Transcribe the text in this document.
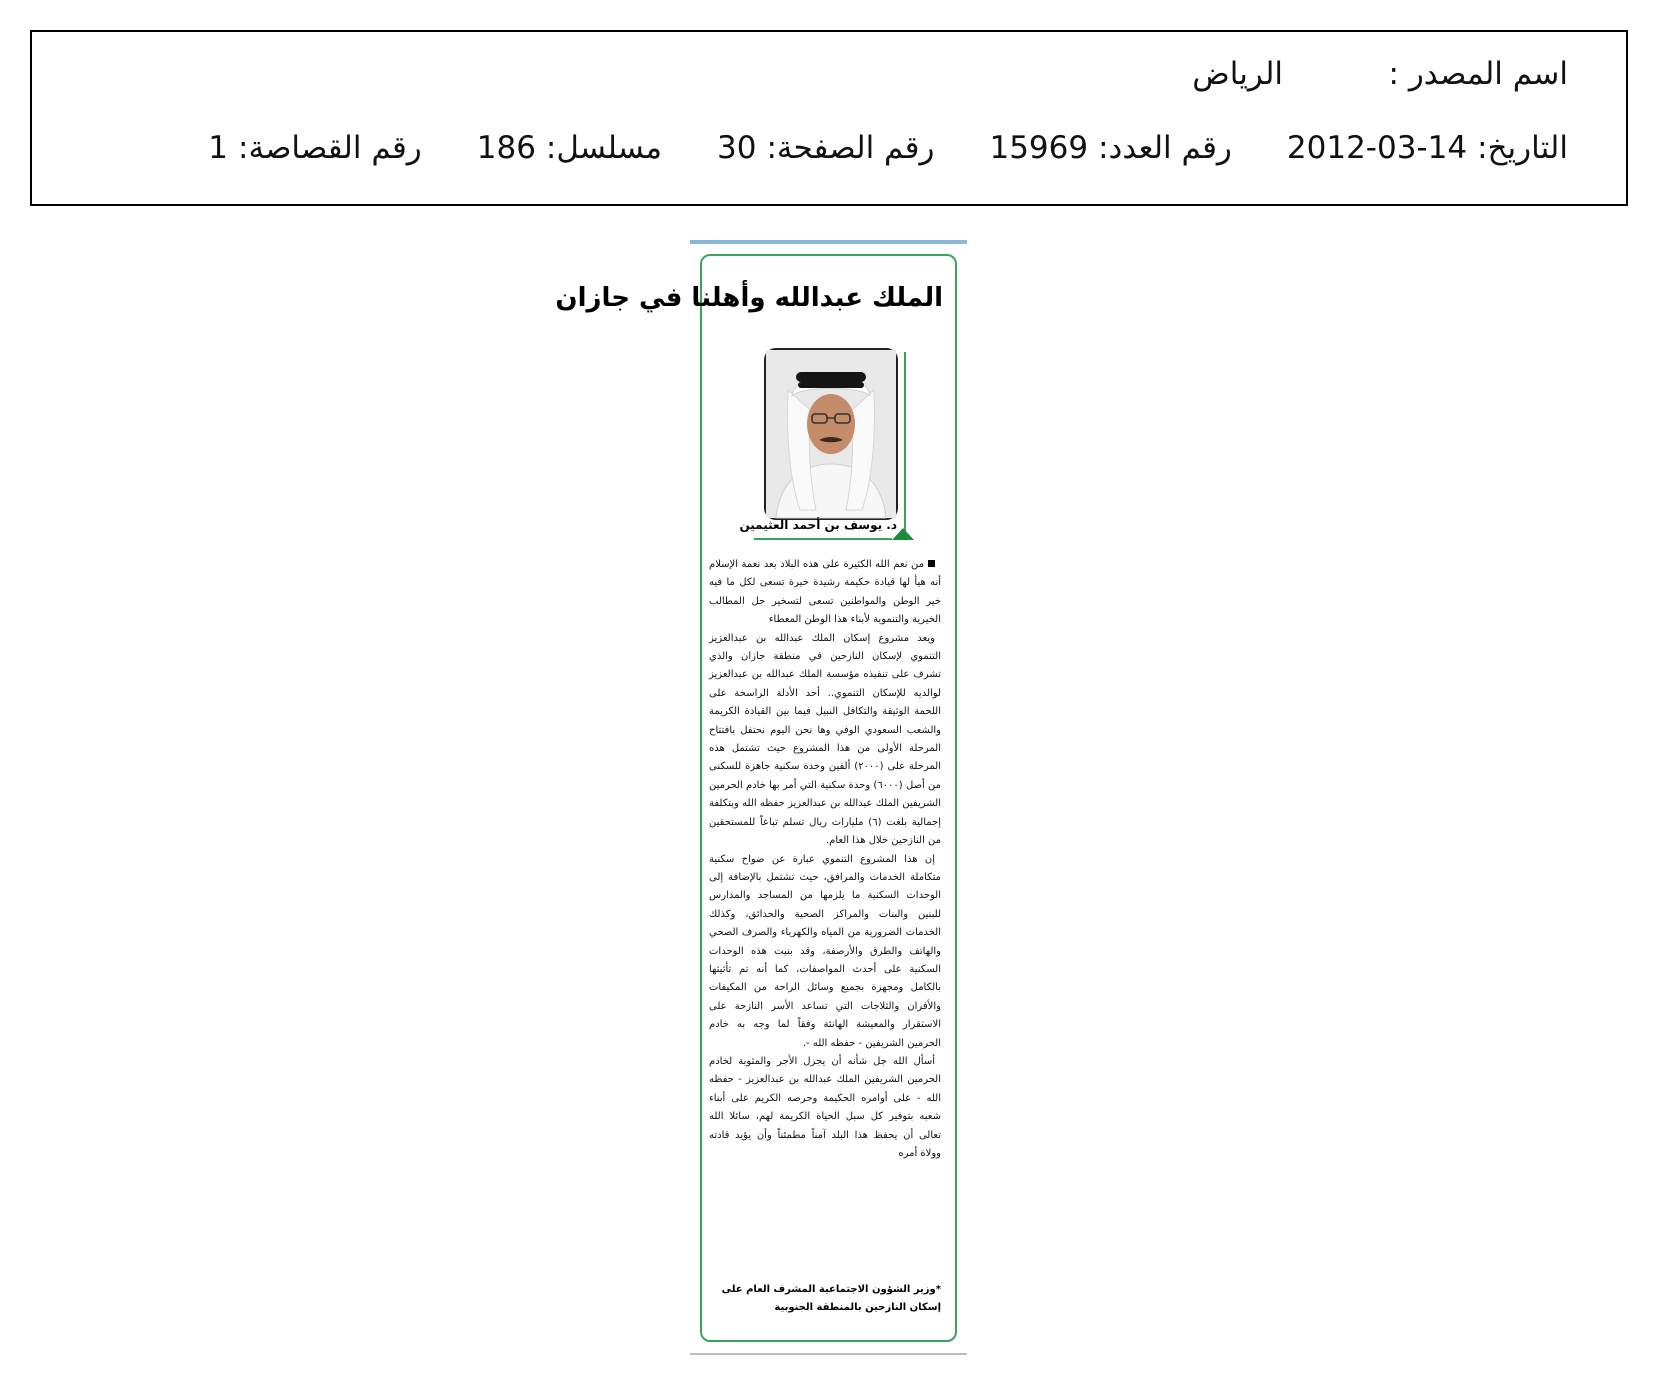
اسم المصدر :
الرياض
التاريخ:
2012-03-14
رقم العدد:
15969
رقم الصفحة:
30
مسلسل:
186
رقم القصاصة:
1
الملك عبدالله وأهلنا في جازان
د. يوسف بن أحمد العثيمين

من نعم الله الكثيرة على هذه البلاد بعد نعمة الإسلام أنه هيأ لها قيادة حكيمة رشيدة خيرة تسعى لكل ما فيه خير الوطن والمواطنين تسعى لتسخير جل المطالب الخيرية والتنموية لأبناء هذا الوطن المعطاء

ويعد مشروع إسكان الملك عبدالله بن عبدالعزيز التنموي لإسكان النازحين في منطقة جازان والذي تشرف على تنفيذه مؤسسة الملك عبدالله بن عبدالعزيز لوالديه للإسكان التنموي.. أحد الأدلة الراسخة على اللحمة الوثيقة والتكافل النبيل فيما بين القيادة الكريمة والشعب السعودي الوفي وها نحن اليوم نحتفل بافتتاح المرحلة الأولى من هذا المشروع حيث تشتمل هذه المرحلة على (٢٠٠٠) ألفين وحدة سكنية جاهزة للسكنى من أصل (٦٠٠٠) وحدة سكنية التي أمر بها خادم الحرمين الشريفين الملك عبدالله بن عبدالعزيز حفظه الله وبتكلفة إجمالية بلغت (٦) مليارات ريال تسلم تباعاً للمستحقين من النازحين خلال هذا العام.

إن هذا المشروع التنموي عبارة عن ضواح سكنية متكاملة الخدمات والمرافق، حيث تشتمل بالإضافة إلى الوحدات السكنية ما يلزمها من المساجد والمدارس للبنين والبنات والمراكز الصحية والحدائق، وكذلك الخدمات الضرورية من المياه والكهرباء والصرف الصحي والهاتف والطرق والأرصفة، وقد بنيت هذه الوحدات السكنية على أحدث المواصفات، كما أنه تم تأثيثها بالكامل ومجهزة بجميع وسائل الراحة من المكيفات والأفران والثلاجات التي تساعد الأسر النازحة على الاستقرار والمعيشة الهانئة وفقاً لما وجه به خادم الحرمين الشريفين - حفظه الله -.

أسأل الله جل شأنه أن يجزل الأجر والمثوبة لخادم الحرمين الشريفين الملك عبدالله بن عبدالعزيز - حفظه الله - على أوامره الحكيمة وحرصه الكريم على أبناء شعبه بتوفير كل سبل الحياة الكريمة لهم، سائلا الله تعالى أن يحفظ هذا البلد آمناً مطمئناً وأن يؤيد قادته وولاة أمره

*وزير الشؤون الاجتماعية المشرف العام على إسكان النازحين بالمنطقة الجنوبية
